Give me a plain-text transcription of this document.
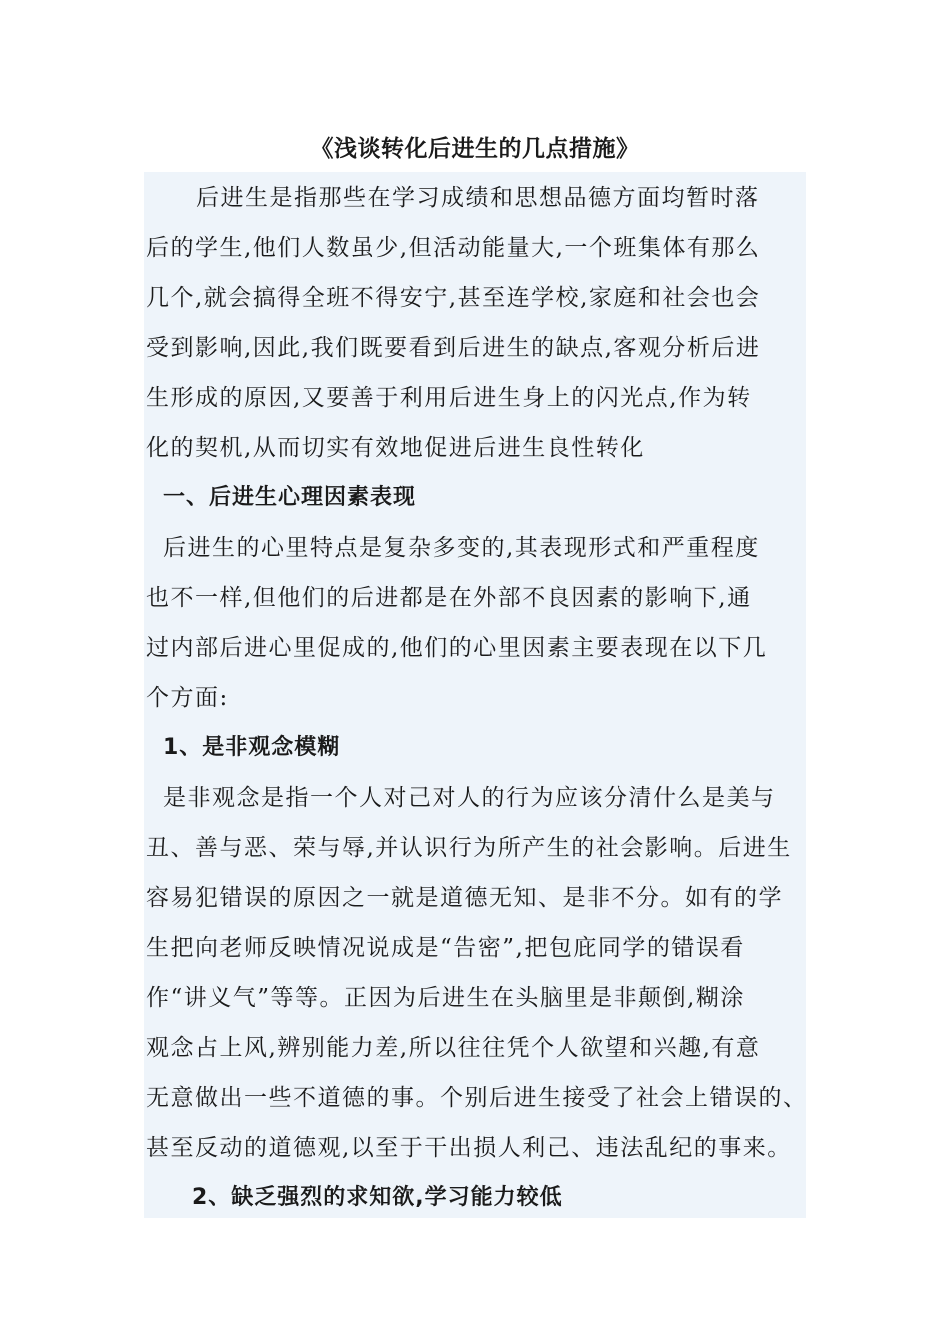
《浅谈转化后进生的几点措施》
后进生是指那些在学习成绩和思想品德方面均暂时落
后的学生,他们人数虽少,但活动能量大,一个班集体有那么
几个,就会搞得全班不得安宁,甚至连学校,家庭和社会也会
受到影响,因此,我们既要看到后进生的缺点,客观分析后进
生形成的原因,又要善于利用后进生身上的闪光点,作为转
化的契机,从而切实有效地促进后进生良性转化
一、后进生心理因素表现
后进生的心里特点是复杂多变的,其表现形式和严重程度
也不一样,但他们的后进都是在外部不良因素的影响下,通
过内部后进心里促成的,他们的心里因素主要表现在以下几
个方面:
1、是非观念模糊
是非观念是指一个人对己对人的行为应该分清什么是美与
丑、善与恶、荣与辱,并认识行为所产生的社会影响。后进生
容易犯错误的原因之一就是道德无知、是非不分。如有的学
生把向老师反映情况说成是“告密”,把包庇同学的错误看
作“讲义气”等等。正因为后进生在头脑里是非颠倒,糊涂
观念占上风,辨别能力差,所以往往凭个人欲望和兴趣,有意
无意做出一些不道德的事。个别后进生接受了社会上错误的、
甚至反动的道德观,以至于干出损人利己、违法乱纪的事来。
2、缺乏强烈的求知欲,学习能力较低
